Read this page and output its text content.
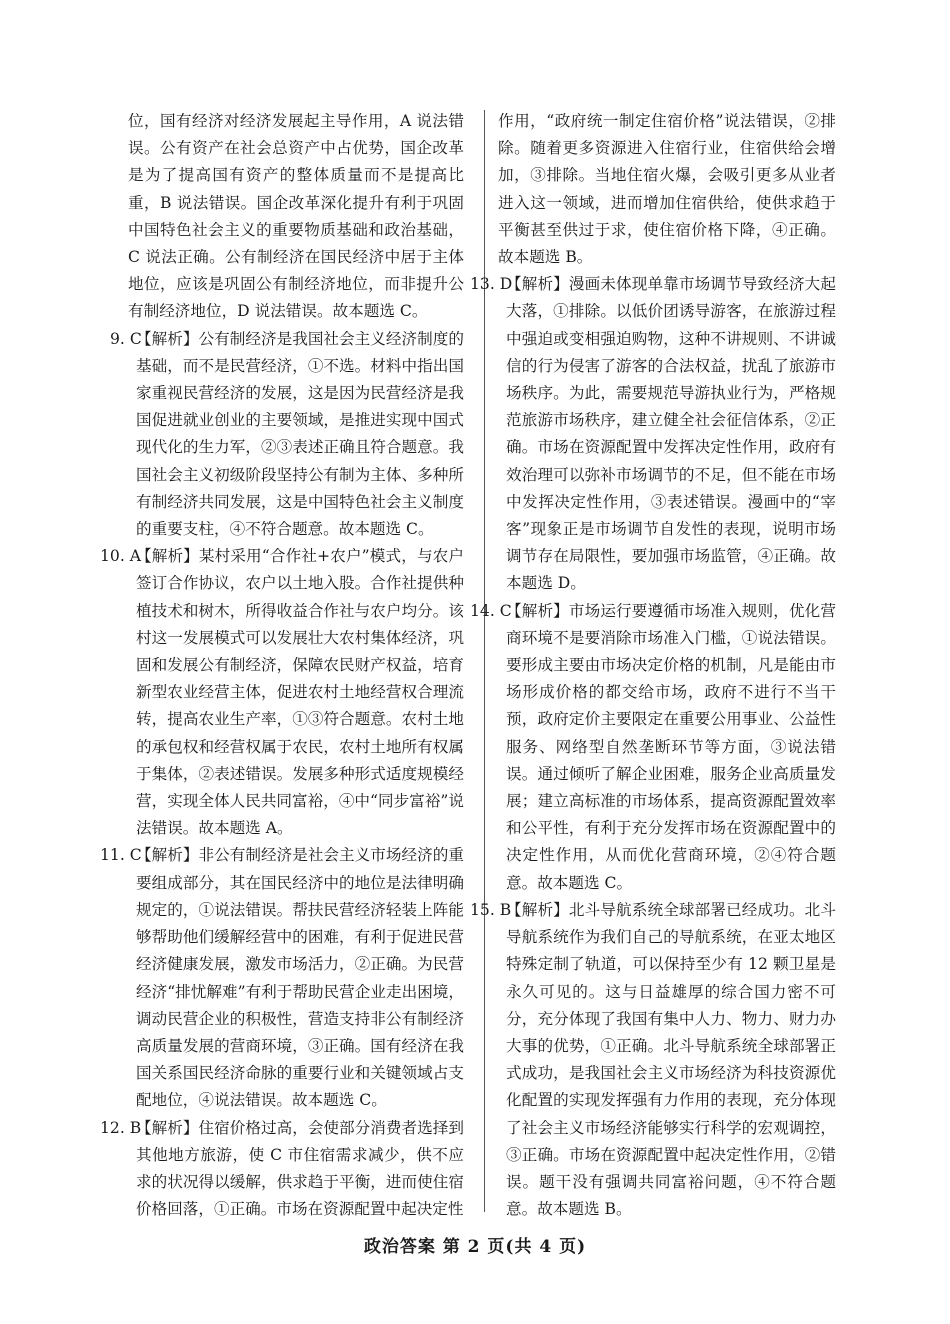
位，国有经济对经济发展起主导作用，A 说法错误。公有资产在社会总资产中占优势，国企改革是为了提高国有资产的整体质量而不是提高比重，B 说法错误。国企改革深化提升有利于巩固中国特色社会主义的重要物质基础和政治基础，C 说法正确。公有制经济在国民经济中居于主体地位，应该是巩固公有制经济地位，而非提升公有制经济地位，D 说法错误。故本题选 C。
9. C
【解析】公有制经济是我国社会主义经济制度的基础，而不是民营经济，①不选。材料中指出国家重视民营经济的发展，这是因为民营经济是我国促进就业创业的主要领域，是推进实现中国式现代化的生力军，②③表述正确且符合题意。我国社会主义初级阶段坚持公有制为主体、多种所有制经济共同发展，这是中国特色社会主义制度的重要支柱，④不符合题意。故本题选 C。
10. A
【解析】某村采用“合作社+农户”模式，与农户签订合作协议，农户以土地入股。合作社提供种植技术和树木，所得收益合作社与农户均分。该村这一发展模式可以发展壮大农村集体经济，巩固和发展公有制经济，保障农民财产权益，培育新型农业经营主体，促进农村土地经营权合理流转，提高农业生产率，①③符合题意。农村土地的承包权和经营权属于农民，农村土地所有权属于集体，②表述错误。发展多种形式适度规模经营，实现全体人民共同富裕，④中“同步富裕”说法错误。故本题选 A。
11. C
【解析】非公有制经济是社会主义市场经济的重要组成部分，其在国民经济中的地位是法律明确规定的，①说法错误。帮扶民营经济轻装上阵能够帮助他们缓解经营中的困难，有利于促进民营经济健康发展，激发市场活力，②正确。为民营经济“排忧解难”有利于帮助民营企业走出困境，调动民营企业的积极性，营造支持非公有制经济高质量发展的营商环境，③正确。国有经济在我国关系国民经济命脉的重要行业和关键领域占支配地位，④说法错误。故本题选 C。
12. B
【解析】住宿价格过高，会使部分消费者选择到其他地方旅游，使 C 市住宿需求减少，供不应求的状况得以缓解，供求趋于平衡，进而使住宿价格回落，①正确。市场在资源配置中起决定性
作用，“政府统一制定住宿价格”说法错误，②排除。随着更多资源进入住宿行业，住宿供给会增加，③排除。当地住宿火爆，会吸引更多从业者进入这一领域，进而增加住宿供给，使供求趋于平衡甚至供过于求，使住宿价格下降，④正确。故本题选 B。
13. D
【解析】漫画未体现单靠市场调节导致经济大起大落，①排除。以低价团诱导游客，在旅游过程中强迫或变相强迫购物，这种不讲规则、不讲诚信的行为侵害了游客的合法权益，扰乱了旅游市场秩序。为此，需要规范导游执业行为，严格规范旅游市场秩序，建立健全社会征信体系，②正确。市场在资源配置中发挥决定性作用，政府有效治理可以弥补市场调节的不足，但不能在市场中发挥决定性作用，③表述错误。漫画中的“宰客”现象正是市场调节自发性的表现，说明市场调节存在局限性，要加强市场监管，④正确。故本题选 D。
14. C
【解析】市场运行要遵循市场准入规则，优化营商环境不是要消除市场准入门槛，①说法错误。要形成主要由市场决定价格的机制，凡是能由市场形成价格的都交给市场，政府不进行不当干预，政府定价主要限定在重要公用事业、公益性服务、网络型自然垄断环节等方面，③说法错误。通过倾听了解企业困难，服务企业高质量发展；建立高标准的市场体系，提高资源配置效率和公平性，有利于充分发挥市场在资源配置中的决定性作用，从而优化营商环境，②④符合题意。故本题选 C。
15. B
【解析】北斗导航系统全球部署已经成功。北斗导航系统作为我们自己的导航系统，在亚太地区特殊定制了轨道，可以保持至少有 12 颗卫星是永久可见的。这与日益雄厚的综合国力密不可分，充分体现了我国有集中人力、物力、财力办大事的优势，①正确。北斗导航系统全球部署正式成功，是我国社会主义市场经济为科技资源优化配置的实现发挥强有力作用的表现，充分体现了社会主义市场经济能够实行科学的宏观调控，③正确。市场在资源配置中起决定性作用，②错误。题干没有强调共同富裕问题，④不符合题意。故本题选 B。
政治答案 第 2 页(共 4 页)
